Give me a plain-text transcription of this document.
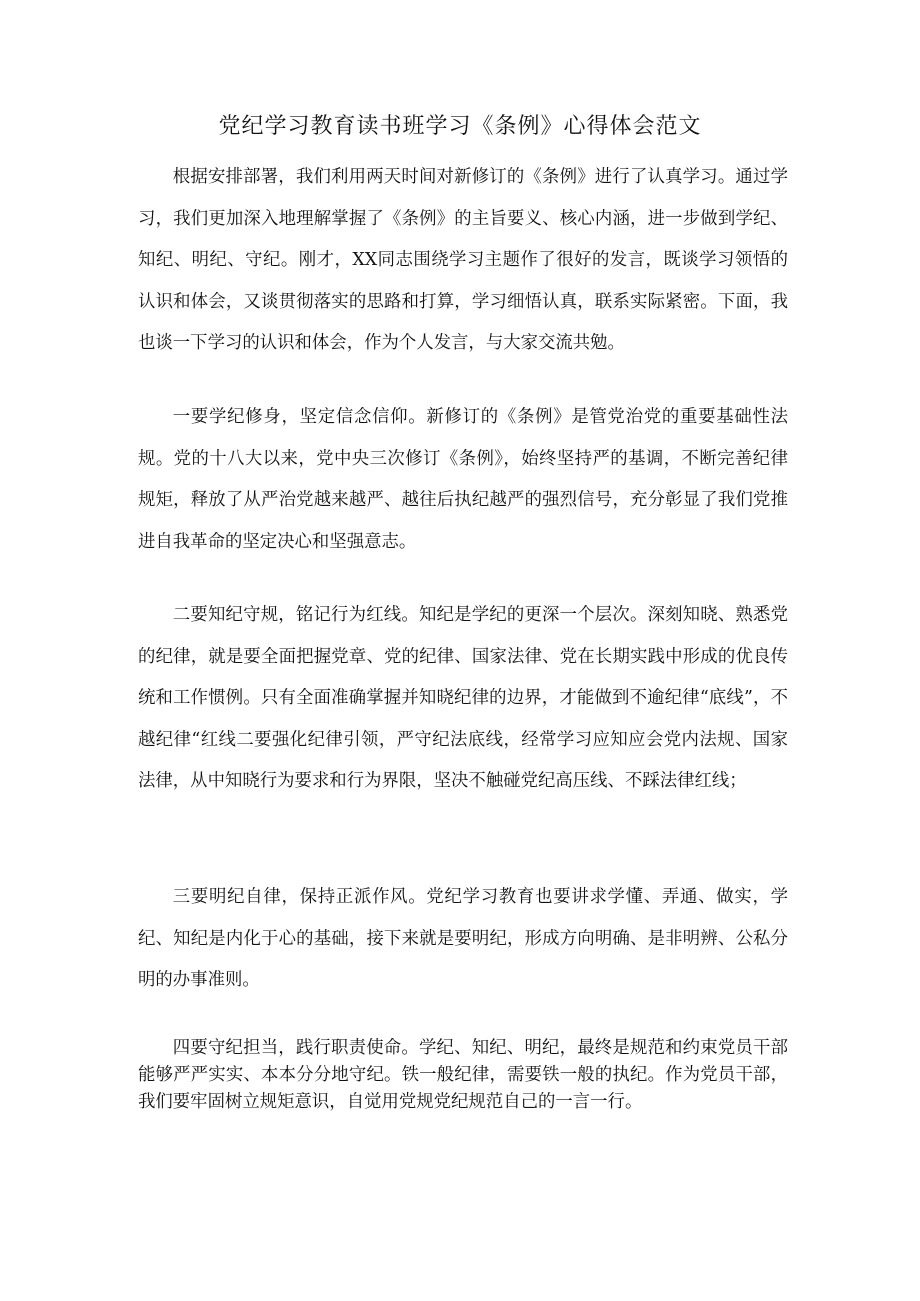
党纪学习教育读书班学习《条例》心得体会范文

根据安排部署，我们利用两天时间对新修订的《条例》进行了认真学习。通过学习，我们更加深入地理解掌握了《条例》的主旨要义、核心内涵，进一步做到学纪、知纪、明纪、守纪。刚才，XX同志围绕学习主题作了很好的发言，既谈学习领悟的认识和体会，又谈贯彻落实的思路和打算，学习细悟认真，联系实际紧密。下面，我也谈一下学习的认识和体会，作为个人发言，与大家交流共勉。

一要学纪修身，坚定信念信仰。新修订的《条例》是管党治党的重要基础性法规。党的十八大以来，党中央三次修订《条例》，始终坚持严的基调，不断完善纪律规矩，释放了从严治党越来越严、越往后执纪越严的强烈信号，充分彰显了我们党推进自我革命的坚定决心和坚强意志。

二要知纪守规，铭记行为红线。知纪是学纪的更深一个层次。深刻知晓、熟悉党的纪律，就是要全面把握党章、党的纪律、国家法律、党在长期实践中形成的优良传统和工作惯例。只有全面准确掌握并知晓纪律的边界，才能做到不逾纪律“底线”，不越纪律“红线二要强化纪律引领，严守纪法底线，经常学习应知应会党内法规、国家法律，从中知晓行为要求和行为界限，坚决不触碰党纪高压线、不踩法律红线；

三要明纪自律，保持正派作风。党纪学习教育也要讲求学懂、弄通、做实，学纪、知纪是内化于心的基础，接下来就是要明纪，形成方向明确、是非明辨、公私分明的办事准则。

四要守纪担当，践行职责使命。学纪、知纪、明纪，最终是规范和约束党员干部能够严严实实、本本分分地守纪。铁一般纪律，需要铁一般的执纪。作为党员干部，我们要牢固树立规矩意识，自觉用党规党纪规范自己的一言一行。
